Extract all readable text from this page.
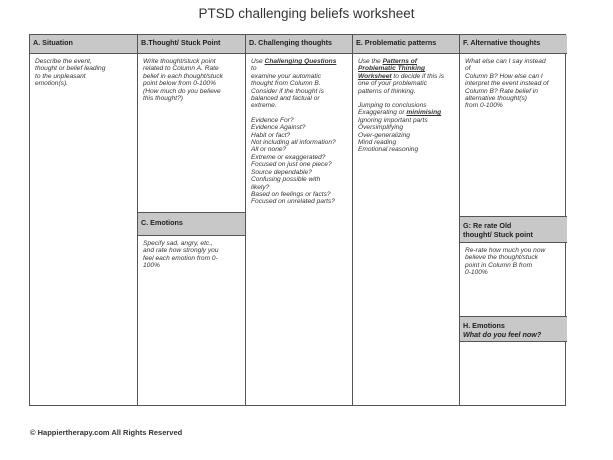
PTSD challenging beliefs worksheet
A. Situation
Describe the event,
thought or belief leading
to the unpleasant
emotion(s).
B.Thought/ Stuck Point
Write thought/stuck point
related to Column A. Rate
belief in each thought/stuck
point below from 0-100%
(How much do you believe
this thought?)
C. Emotions
Specify sad, angry, etc.,
and rate how strongly you
feel each emotion from 0-
100%
D. Challenging thoughts
Use Challenging Questions
to
examine your automatic
thought from Column B.
Consider if the thought is
balanced and factual or
extreme.
Evidence For?
Evidence Against?
Habit or fact?
Not including all information?
All or none?
Extreme or exaggerated?
Focused on just one piece?
Source dependable?
Confusing possible with
likely?
Based on feelings or facts?
Focused on unrelated parts?
E. Problematic patterns
Use the Patterns of
Problematic Thinking
Worksheet to decide if this is
one of your problematic
patterns of thinking.
Jumping to conclusions
Exaggerating or minimising
Ignoring important parts
Oversimplifying
Over-generalizing
Mind reading
Emotional reasoning
F. Alternative thoughts
What else can I say instead
of
Column B? How else can I
interpret the event instead of
Column B? Rate belief in
alternative thought(s)
from 0-100%
G: Re rate Old
thought/ Stuck point
Re-rate how much you now
believe the thought/stuck
point in Column B from
0-100%
H. Emotions
What do you feel now?
© Happiertherapy.com All Rights Reserved
